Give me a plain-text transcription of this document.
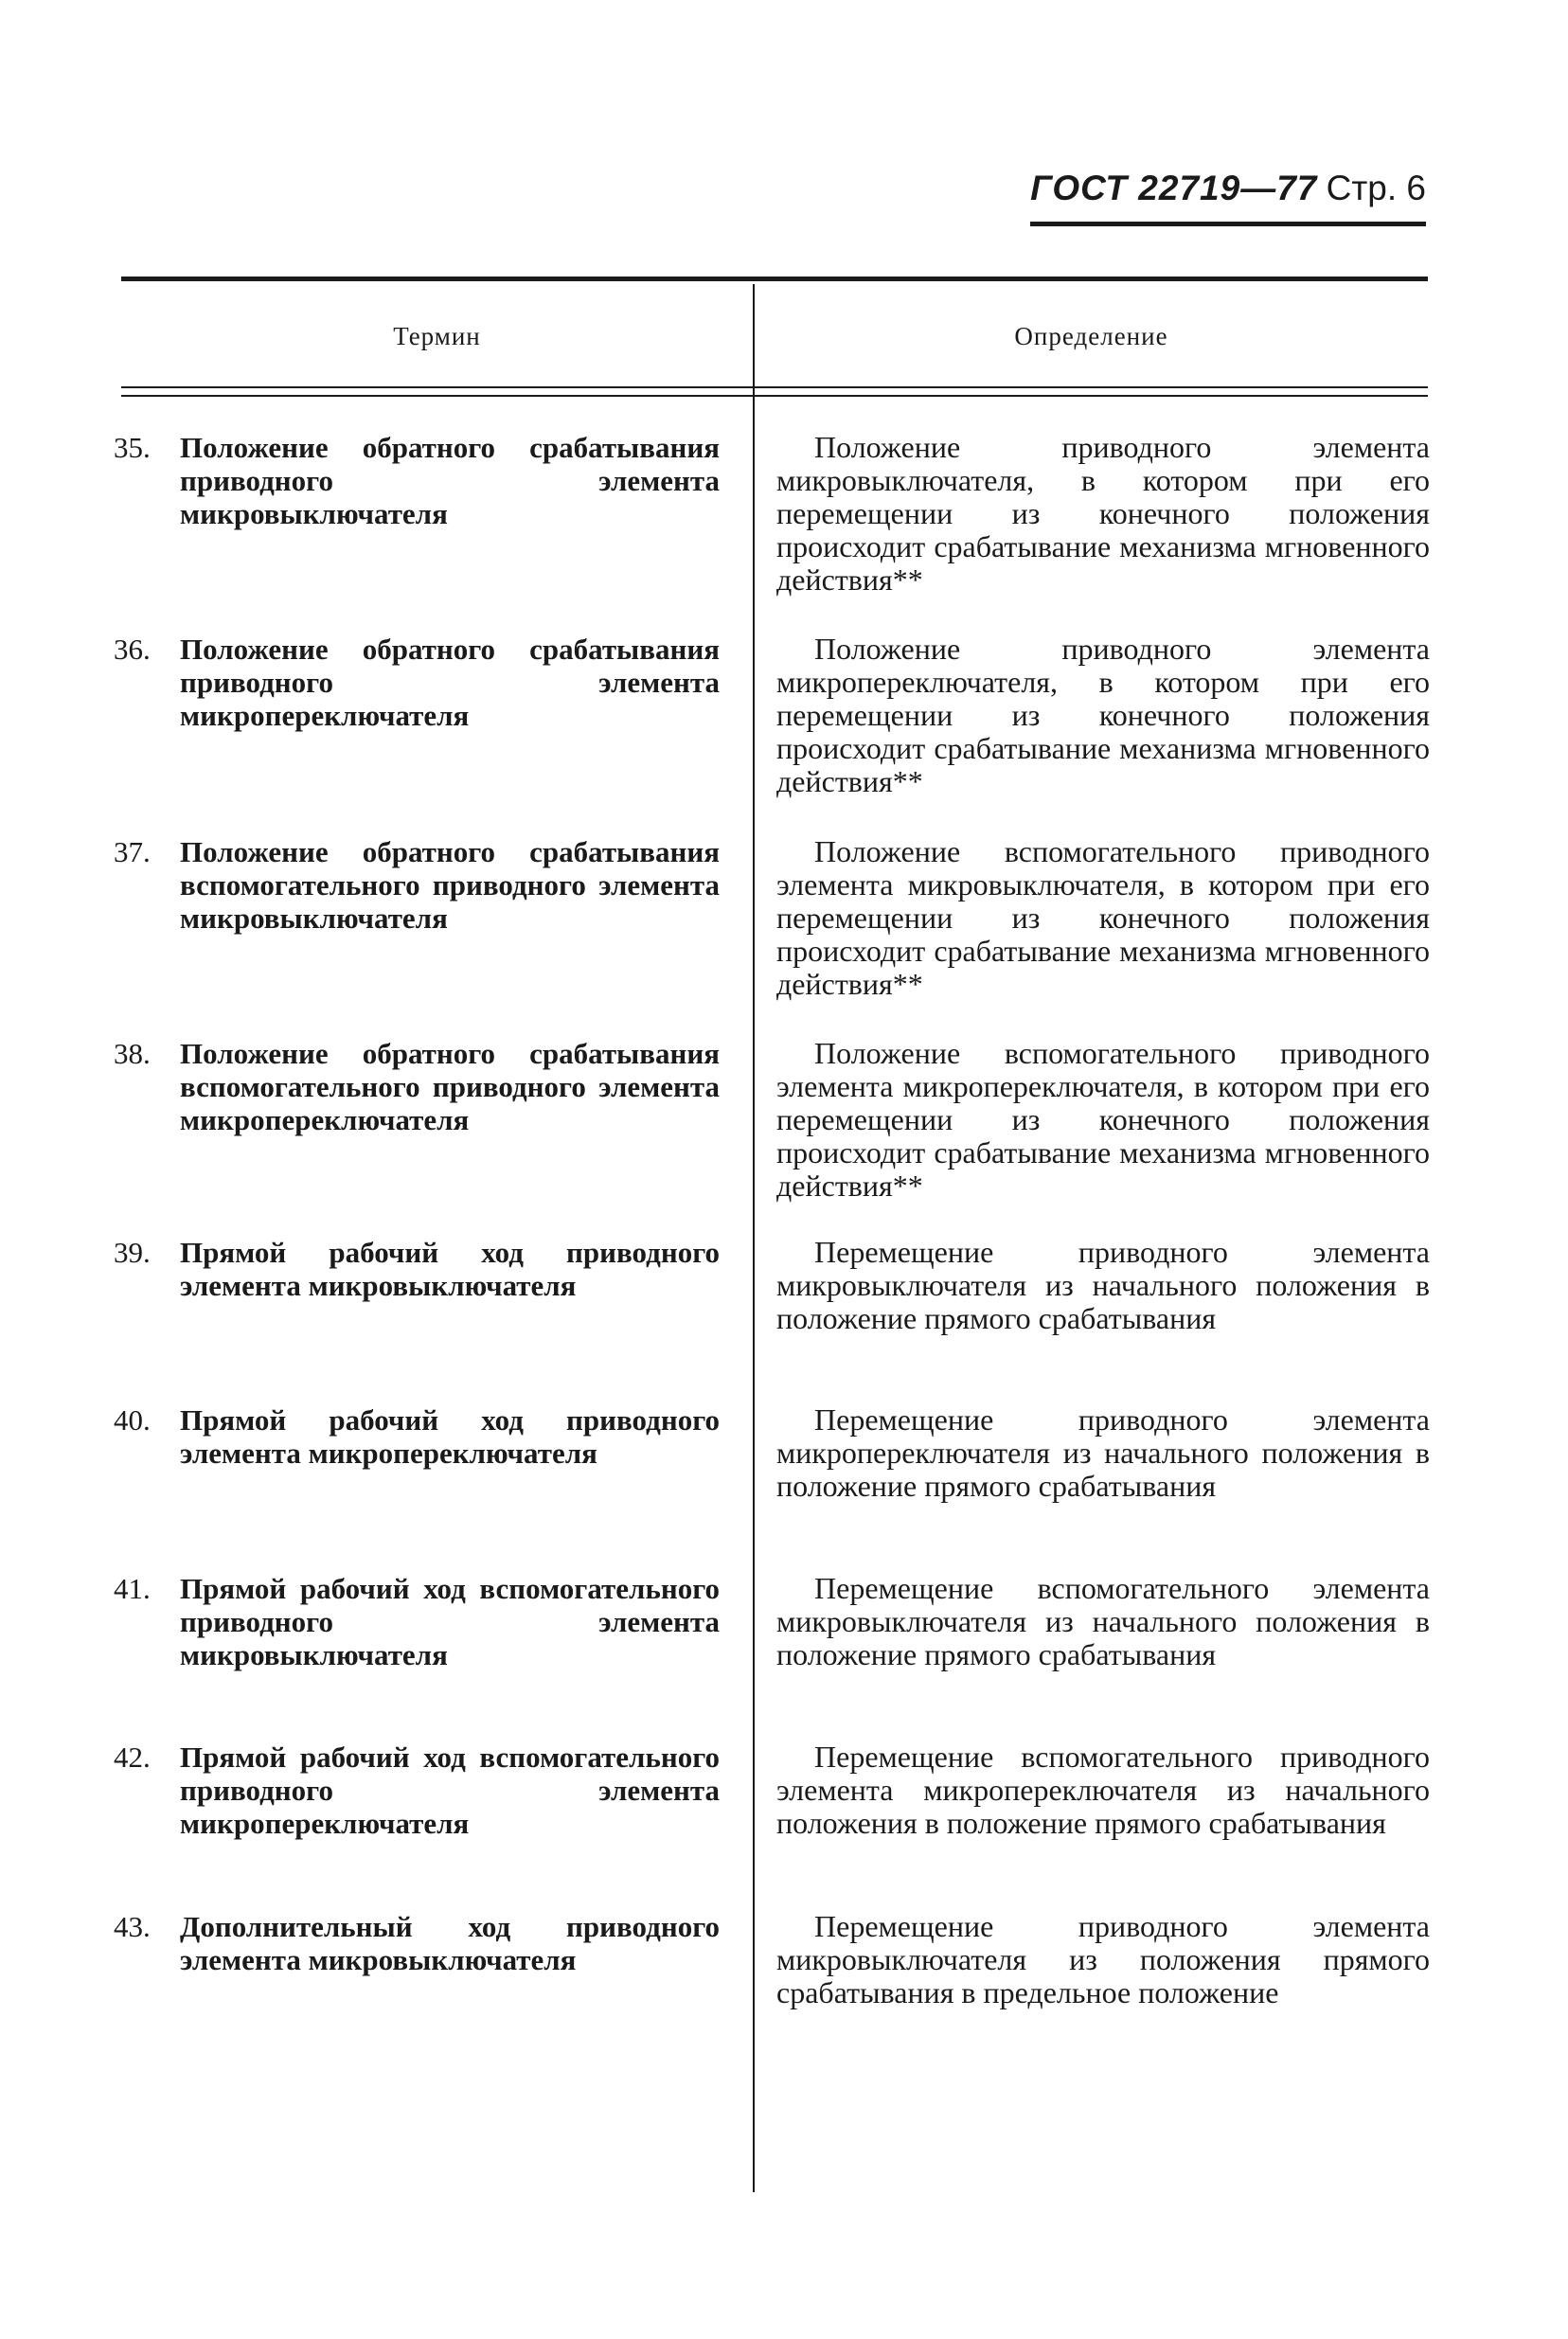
ГОСТ 22719—77 Стр. 6
Термин	Определение
35. Положение обратного срабатывания приводного элемента микровыключателя
Положение приводного элемента микровыключателя, в котором при его перемещении из конечного положения происходит срабатывание механизма мгновенного действия**
36. Положение обратного срабатывания приводного элемента микропереключателя
Положение приводного элемента микропереключателя, в котором при его перемещении из конечного положения происходит срабатывание механизма мгновенного действия**
37. Положение обратного срабатывания вспомогательного приводного элемента микровыключателя
Положение вспомогательного приводного элемента микровыключателя, в котором при его перемещении из конечного положения происходит срабатывание механизма мгновенного действия**
38. Положение обратного срабатывания вспомогательного приводного элемента микропереключателя
Положение вспомогательного приводного элемента микропереключателя, в котором при его перемещении из конечного положения происходит срабатывание механизма мгновенного действия**
39. Прямой рабочий ход приводного элемента микровыключателя
Перемещение приводного элемента микровыключателя из начального положения в положение прямого срабатывания
40. Прямой рабочий ход приводного элемента микропереключателя
Перемещение приводного элемента микропереключателя из начального положения в положение прямого срабатывания
41. Прямой рабочий ход вспомогательного приводного элемента микровыключателя
Перемещение вспомогательного элемента микровыключателя из начального положения в положение прямого срабатывания
42. Прямой рабочий ход вспомогательного приводного элемента микропереключателя
Перемещение вспомогательного приводного элемента микропереключателя из начального положения в положение прямого срабатывания
43. Дополнительный ход приводного элемента микровыключателя
Перемещение приводного элемента микровыключателя из положения прямого срабатывания в предельное положение
